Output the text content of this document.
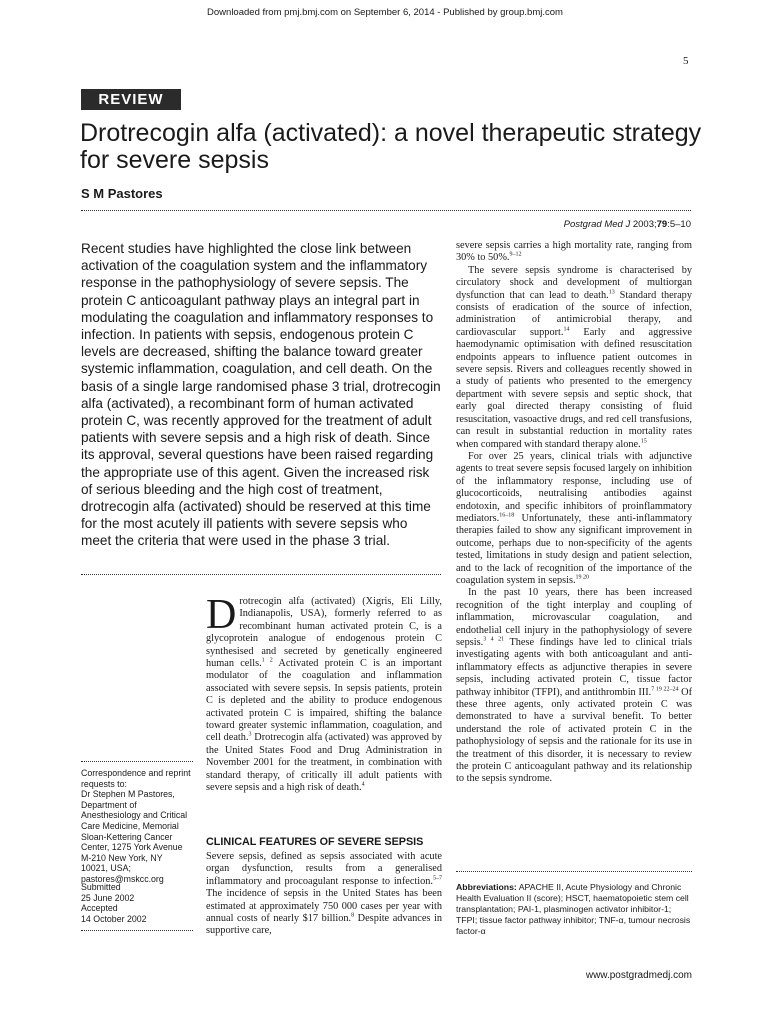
Downloaded from pmj.bmj.com on September 6, 2014 - Published by group.bmj.com
5
REVIEW
Drotrecogin alfa (activated): a novel therapeutic strategy for severe sepsis
S M Pastores
Postgrad Med J 2003;79:5–10

Recent studies have highlighted the close link between activation of the coagulation system and the inflammatory response in the pathophysiology of severe sepsis. The protein C anticoagulant pathway plays an integral part in modulating the coagulation and inflammatory responses to infection. In patients with sepsis, endogenous protein C levels are decreased, shifting the balance toward greater systemic inflammation, coagulation, and cell death. On the basis of a single large randomised phase 3 trial, drotrecogin alfa (activated), a recombinant form of human activated protein C, was recently approved for the treatment of adult patients with severe sepsis and a high risk of death. Since its approval, several questions have been raised regarding the appropriate use of this agent. Given the increased risk of serious bleeding and the high cost of treatment, drotrecogin alfa (activated) should be reserved at this time for the most acutely ill patients with severe sepsis who meet the criteria that were used in the phase 3 trial.

Drotrecogin alfa (activated) (Xigris, Eli Lilly, Indianapolis, USA), formerly referred to as recombinant human activated protein C, is a glycoprotein analogue of endogenous protein C synthesised and secreted by genetically engineered human cells.$^{1 2}$ Activated protein C is an important modulator of the coagulation and inflammation associated with severe sepsis. In sepsis patients, protein C is depleted and the ability to produce endogenous activated protein C is impaired, shifting the balance toward greater systemic inflammation, coagulation, and cell death.$^3$ Drotrecogin alfa (activated) was approved by the United States Food and Drug Administration in November 2001 for the treatment, in combination with standard therapy, of critically ill adult patients with severe sepsis and a high risk of death.$^4$

CLINICAL FEATURES OF SEVERE SEPSIS

Severe sepsis, defined as sepsis associated with acute organ dysfunction, results from a generalised inflammatory and procoagulant response to infection.$^{5-7}$ The incidence of sepsis in the United States has been estimated at approximately 750 000 cases per year with annual costs of nearly $17 billion.$^8$ Despite advances in supportive care,

severe sepsis carries a high mortality rate, ranging from 30% to 50%.$^{9-12}$

The severe sepsis syndrome is characterised by circulatory shock and development of multiorgan dysfunction that can lead to death.$^{13}$ Standard therapy consists of eradication of the source of infection, administration of antimicrobial therapy, and cardiovascular support.$^{14}$ Early and aggressive haemodynamic optimisation with defined resuscitation endpoints appears to influence patient outcomes in severe sepsis. Rivers and colleagues recently showed in a study of patients who presented to the emergency department with severe sepsis and septic shock, that early goal directed therapy consisting of fluid resuscitation, vasoactive drugs, and red cell transfusions, can result in substantial reduction in mortality rates when compared with standard therapy alone.$^{15}$

For over 25 years, clinical trials with adjunctive agents to treat severe sepsis focused largely on inhibition of the inflammatory response, including use of glucocorticoids, neutralising antibodies against endotoxin, and specific inhibitors of proinflammatory mediators.$^{16-18}$ Unfortunately, these anti-inflammatory therapies failed to show any significant improvement in outcome, perhaps due to non-specificity of the agents tested, limitations in study design and patient selection, and to the lack of recognition of the importance of the coagulation system in sepsis.$^{19 20}$

In the past 10 years, there has been increased recognition of the tight interplay and coupling of inflammation, microvascular coagulation, and endothelial cell injury in the pathophysiology of severe sepsis.$^{3 4 21}$ These findings have led to clinical trials investigating agents with both anticoagulant and anti-inflammatory effects as adjunctive therapies in severe sepsis, including activated protein C, tissue factor pathway inhibitor (TFPI), and antithrombin III.$^{7 19 22-24}$ Of these three agents, only activated protein C was demonstrated to have a survival benefit. To better understand the role of activated protein C in the pathophysiology of sepsis and the rationale for its use in the treatment of this disorder, it is necessary to review the protein C anticoagulant pathway and its relationship to the sepsis syndrome.

Correspondence and reprint requests to:
Dr Stephen M Pastores,
Department of
Anesthesiology and Critical
Care Medicine, Memorial
Sloan-Kettering Cancer
Center, 1275 York Avenue
M-210 New York, NY
10021, USA;
pastores@mskcc.org
Submitted
25 June 2002
Accepted
14 October 2002

Abbreviations: APACHE II, Acute Physiology and Chronic Health Evaluation II (score); HSCT, haematopoietic stem cell transplantation; PAI-1, plasminogen activator inhibitor-1; TFPI; tissue factor pathway inhibitor; TNF-α, tumour necrosis factor-α

www.postgradmedj.com
